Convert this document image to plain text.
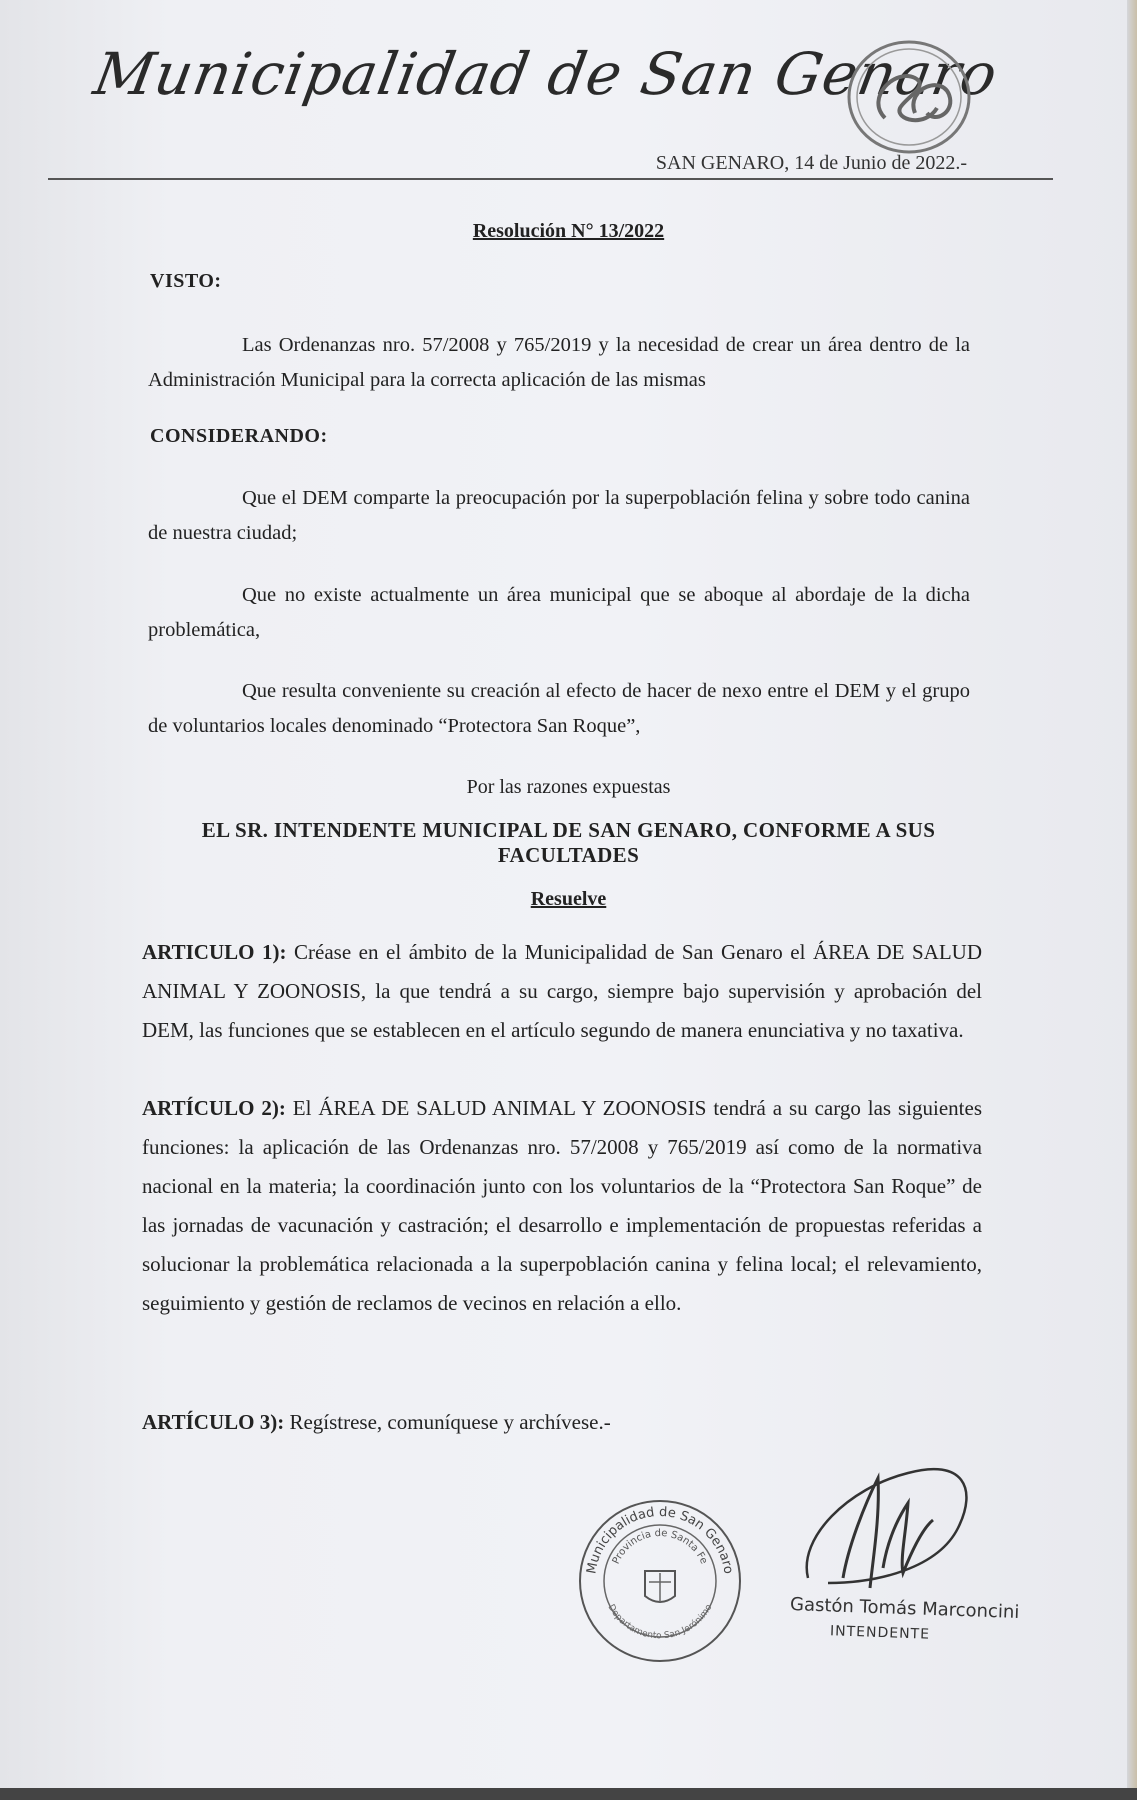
Municipalidad de San Genaro
SAN GENARO, 14 de Junio de 2022.-
Resolución N° 13/2022
VISTO:
Las Ordenanzas nro. 57/2008 y 765/2019 y la necesidad de crear un área dentro de la Administración Municipal para la correcta aplicación de las mismas
CONSIDERANDO:
Que el DEM comparte la preocupación por la superpoblación felina y sobre todo canina de nuestra ciudad;
Que no existe actualmente un área municipal que se aboque al abordaje de la dicha problemática,
Que resulta conveniente su creación al efecto de hacer de nexo entre el DEM y el grupo de voluntarios locales denominado “Protectora San Roque”,
Por las razones expuestas
EL SR. INTENDENTE MUNICIPAL DE SAN GENARO, CONFORME A SUS
FACULTADES
Resuelve
ARTICULO 1): Créase en el ámbito de la Municipalidad de San Genaro el ÁREA DE SALUD ANIMAL Y ZOONOSIS, la que tendrá a su cargo, siempre bajo supervisión y aprobación del DEM, las funciones que se establecen en el artículo segundo de manera enunciativa y no taxativa.
ARTÍCULO 2): El ÁREA DE SALUD ANIMAL Y ZOONOSIS tendrá a su cargo las siguientes funciones: la aplicación de las Ordenanzas nro. 57/2008 y 765/2019 así como de la normativa nacional en la materia; la coordinación junto con los voluntarios de la “Protectora San Roque” de las jornadas de vacunación y castración; el desarrollo e implementación de propuestas referidas a solucionar la problemática relacionada a la superpoblación canina y felina local; el relevamiento, seguimiento y gestión de reclamos de vecinos en relación a ello.
ARTÍCULO 3): Regístrese, comuníquese y archívese.-
Municipalidad de San Genaro
Provincia de Santa Fe
Departamento San Jerónimo	Gastón Tomás Marconcini
INTENDENTE
